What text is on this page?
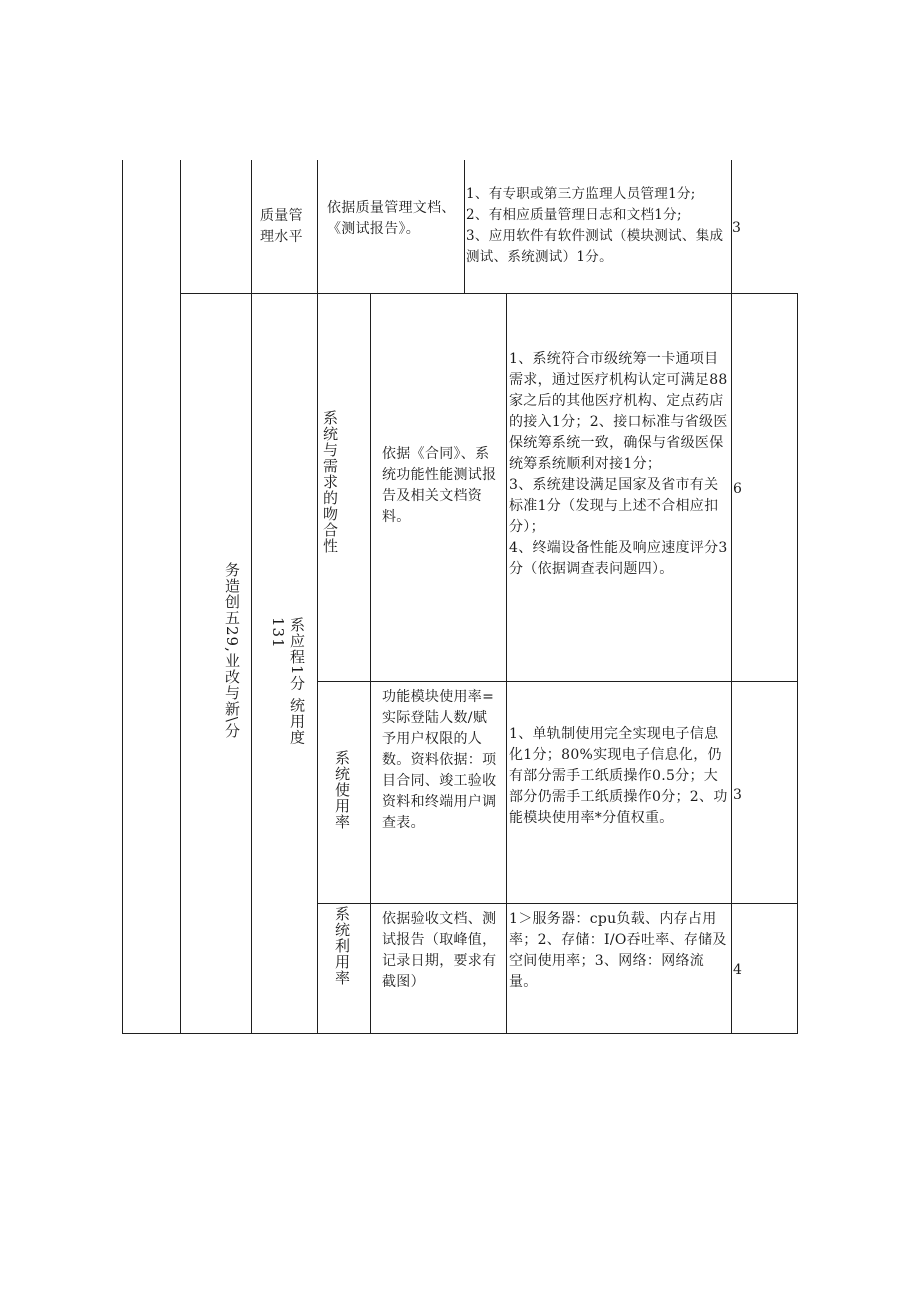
质量管理水平
依据质量管理文档、《测试报告》。
1、有专职或第三方监理人员管理1分;
2、有相应质量管理日志和文档1分;
3、应用软件有软件测试（模块测试、集成测试、系统测试）1分。
3
务造创五29,业改与新\分	系应程1分 统用度131
系统与需求的吻合性	依据《合同》、系统功能性能测试报告及相关文档资料。
1、系统符合市级统筹一卡通项目需求，通过医疗机构认定可满足88家之后的其他医疗机构、定点药店的接入1分；2、接口标准与省级医保统筹系统一致，确保与省级医保统筹系统顺利对接1分；
3、系统建设满足国家及省市有关标准1分（发现与上述不合相应扣分）；
4、终端设备性能及响应速度评分3分（依据调查表问题四）。
6
系统使用率
功能模块使用率=实际登陆人数/赋予用户权限的人数。资料依据：项目合同、竣工验收资料和终端用户调查表。
1、单轨制使用完全实现电子信息化1分；80%实现电子信息化，仍有部分需手工纸质操作0.5分；大部分仍需手工纸质操作0分；2、功能模块使用率*分值权重。
3
系统利用率 依据验收文档、测试报告（取峰值，记录日期，要求有截图）
1＞服务器：cpu负载、内存占用率；2、存储：I/O吞吐率、存储及空间使用率；3、网络：网络流量。
4
